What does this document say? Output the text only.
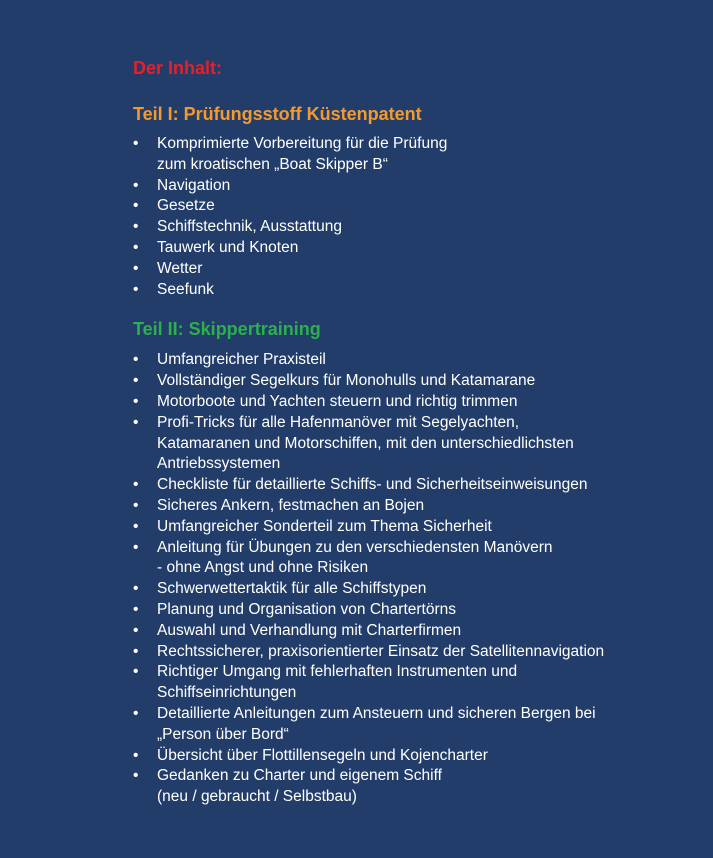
Der Inhalt:
Teil I: Prüfungsstoff Küstenpatent
• Komprimierte Vorbereitung für die Prüfung
zum kroatischen „Boat Skipper B“
• Navigation
• Gesetze
• Schiffstechnik, Ausstattung
• Tauwerk und Knoten
• Wetter
• Seefunk
Teil II: Skippertraining
• Umfangreicher Praxisteil
• Vollständiger Segelkurs für Monohulls und Katamarane
• Motorboote und Yachten steuern und richtig trimmen
• Profi-Tricks für alle Hafenmanöver mit Segelyachten,
Katamaranen und Motorschiffen, mit den unterschiedlichsten
Antriebssystemen
• Checkliste für detaillierte Schiffs- und Sicherheitseinweisungen
• Sicheres Ankern, festmachen an Bojen
• Umfangreicher Sonderteil zum Thema Sicherheit
• Anleitung für Übungen zu den verschiedensten Manövern
- ohne Angst und ohne Risiken
• Schwerwettertaktik für alle Schiffstypen
• Planung und Organisation von Chartertörns
• Auswahl und Verhandlung mit Charterfirmen
• Rechtssicherer, praxisorientierter Einsatz der Satellitennavigation
• Richtiger Umgang mit fehlerhaften Instrumenten und
Schiffseinrichtungen
• Detaillierte Anleitungen zum Ansteuern und sicheren Bergen bei
„Person über Bord“
• Übersicht über Flottillensegeln und Kojencharter
• Gedanken zu Charter und eigenem Schiff
(neu / gebraucht / Selbstbau)
